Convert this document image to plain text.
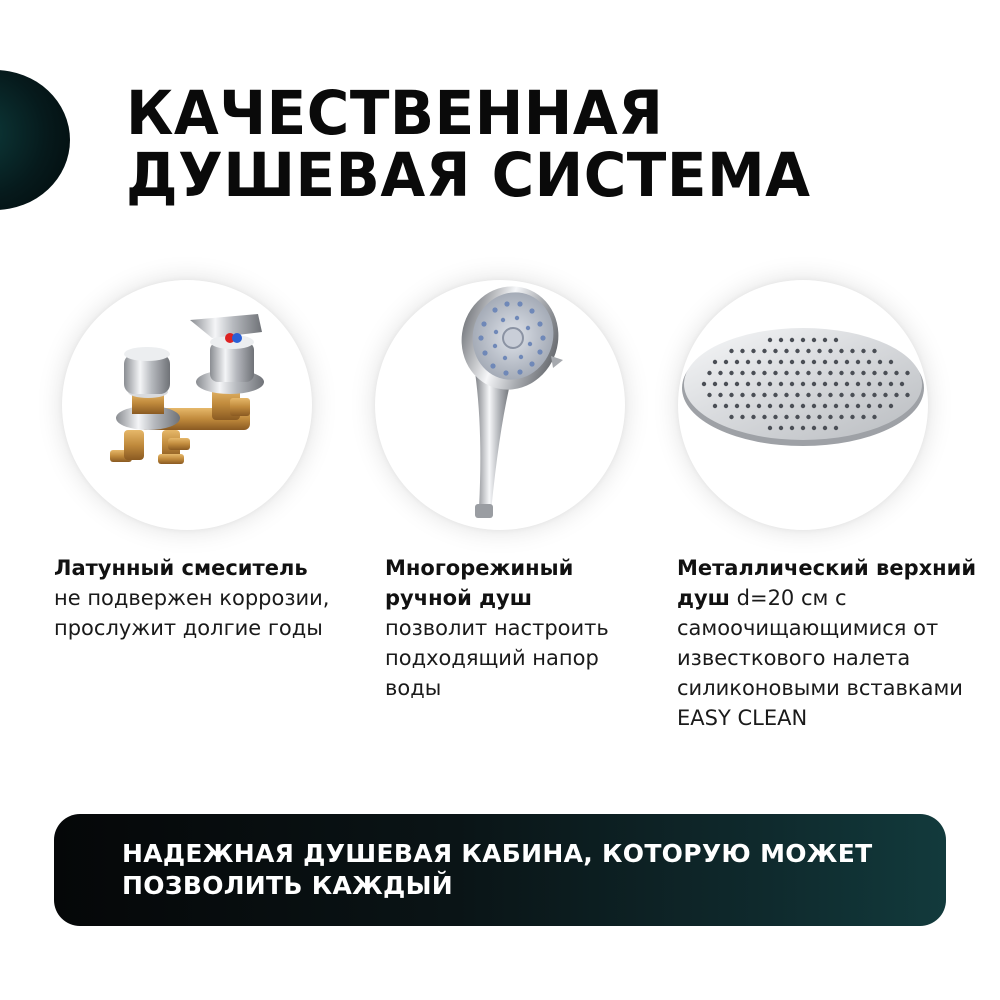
КАЧЕСТВЕННАЯ
ДУШЕВАЯ СИСТЕМА
Латунный смеситель
не подвержен коррозии, прослужит долгие годы
Многорежиный ручной душ
позволит настроить подходящий напор воды
Металлический верхний душ d=20 см с самоочищающимися от известкового налета силиконовыми вставками EASY CLEAN
НАДЕЖНАЯ ДУШЕВАЯ КАБИНА, КОТОРУЮ МОЖЕТ ПОЗВОЛИТЬ КАЖДЫЙ
